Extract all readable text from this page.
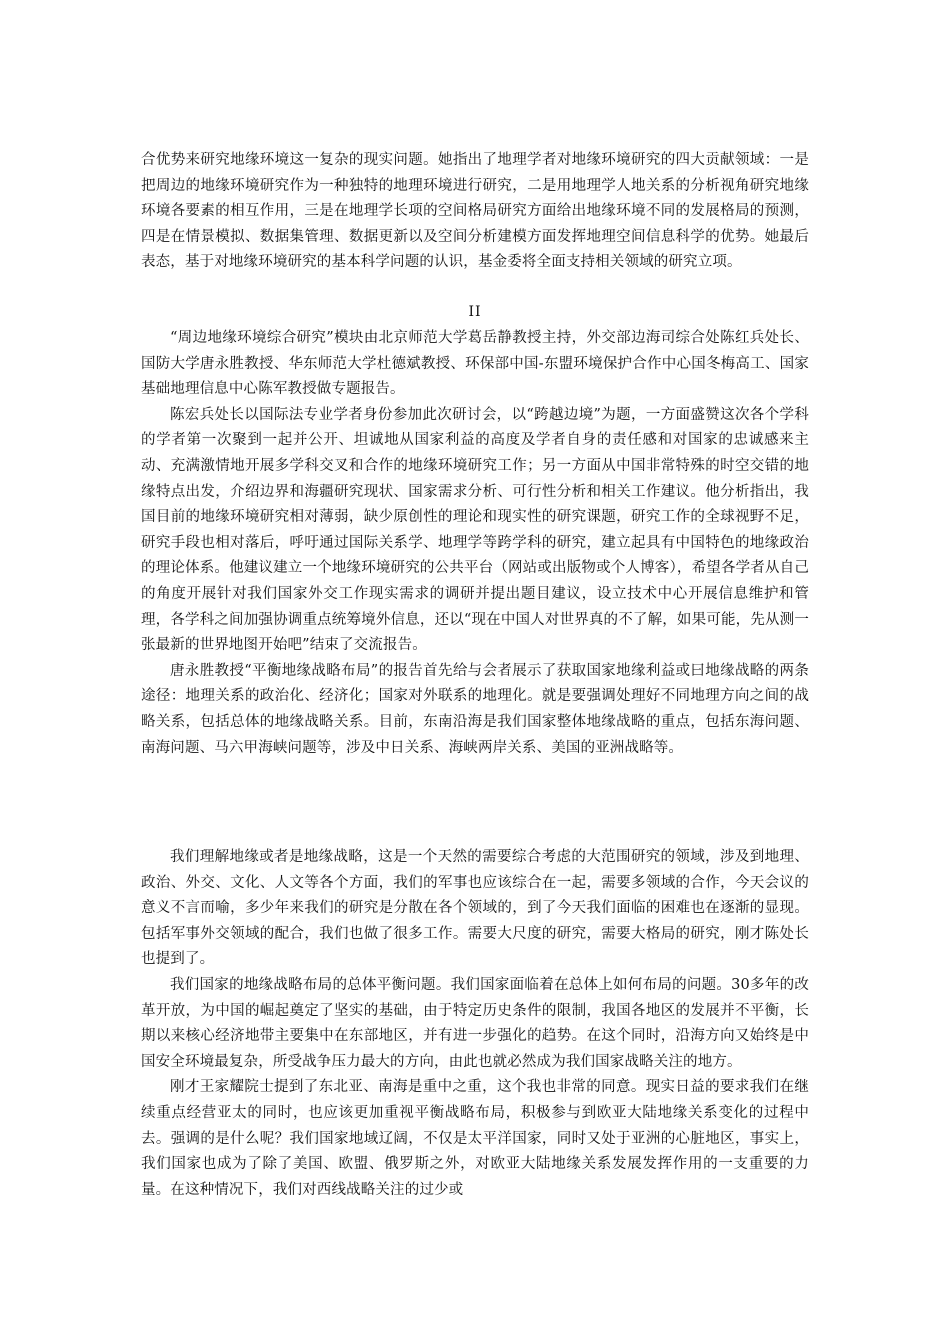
合优势来研究地缘环境这一复杂的现实问题。她指出了地理学者对地缘环境研究的四大贡献领域：一是把周边的地缘环境研究作为一种独特的地理环境进行研究，二是用地理学人地关系的分析视角研究地缘环境各要素的相互作用，三是在地理学长项的空间格局研究方面给出地缘环境不同的发展格局的预测，四是在情景模拟、数据集管理、数据更新以及空间分析建模方面发挥地理空间信息科学的优势。她最后表态，基于对地缘环境研究的基本科学问题的认识，基金委将全面支持相关领域的研究立项。

II

“周边地缘环境综合研究”模块由北京师范大学葛岳静教授主持，外交部边海司综合处陈红兵处长、国防大学唐永胜教授、华东师范大学杜德斌教授、环保部中国-东盟环境保护合作中心国冬梅高工、国家基础地理信息中心陈军教授做专题报告。

陈宏兵处长以国际法专业学者身份参加此次研讨会，以“跨越边境”为题，一方面盛赞这次各个学科的学者第一次聚到一起并公开、坦诚地从国家利益的高度及学者自身的责任感和对国家的忠诚感来主动、充满激情地开展多学科交叉和合作的地缘环境研究工作；另一方面从中国非常特殊的时空交错的地缘特点出发，介绍边界和海疆研究现状、国家需求分析、可行性分析和相关工作建议。他分析指出，我国目前的地缘环境研究相对薄弱，缺少原创性的理论和现实性的研究课题，研究工作的全球视野不足，研究手段也相对落后，呼吁通过国际关系学、地理学等跨学科的研究，建立起具有中国特色的地缘政治的理论体系。他建议建立一个地缘环境研究的公共平台（网站或出版物或个人博客），希望各学者从自己的角度开展针对我们国家外交工作现实需求的调研并提出题目建议，设立技术中心开展信息维护和管理，各学科之间加强协调重点统筹境外信息，还以“现在中国人对世界真的不了解，如果可能，先从测一张最新的世界地图开始吧”结束了交流报告。

唐永胜教授“平衡地缘战略布局”的报告首先给与会者展示了获取国家地缘利益或曰地缘战略的两条途径：地理关系的政治化、经济化；国家对外联系的地理化。就是要强调处理好不同地理方向之间的战略关系，包括总体的地缘战略关系。目前，东南沿海是我们国家整体地缘战略的重点，包括东海问题、南海问题、马六甲海峡问题等，涉及中日关系、海峡两岸关系、美国的亚洲战略等。

我们理解地缘或者是地缘战略，这是一个天然的需要综合考虑的大范围研究的领域，涉及到地理、政治、外交、文化、人文等各个方面，我们的军事也应该综合在一起，需要多领域的合作，今天会议的意义不言而喻，多少年来我们的研究是分散在各个领域的，到了今天我们面临的困难也在逐渐的显现。包括军事外交领域的配合，我们也做了很多工作。需要大尺度的研究，需要大格局的研究，刚才陈处长也提到了。

我们国家的地缘战略布局的总体平衡问题。我们国家面临着在总体上如何布局的问题。30多年的改革开放，为中国的崛起奠定了坚实的基础，由于特定历史条件的限制，我国各地区的发展并不平衡，长期以来核心经济地带主要集中在东部地区，并有进一步强化的趋势。在这个同时，沿海方向又始终是中国安全环境最复杂，所受战争压力最大的方向，由此也就必然成为我们国家战略关注的地方。

刚才王家耀院士提到了东北亚、南海是重中之重，这个我也非常的同意。现实日益的要求我们在继续重点经营亚太的同时，也应该更加重视平衡战略布局，积极参与到欧亚大陆地缘关系变化的过程中去。强调的是什么呢？我们国家地域辽阔，不仅是太平洋国家，同时又处于亚洲的心脏地区，事实上，我们国家也成为了除了美国、欧盟、俄罗斯之外，对欧亚大陆地缘关系发展发挥作用的一支重要的力量。在这种情况下，我们对西线战略关注的过少或
